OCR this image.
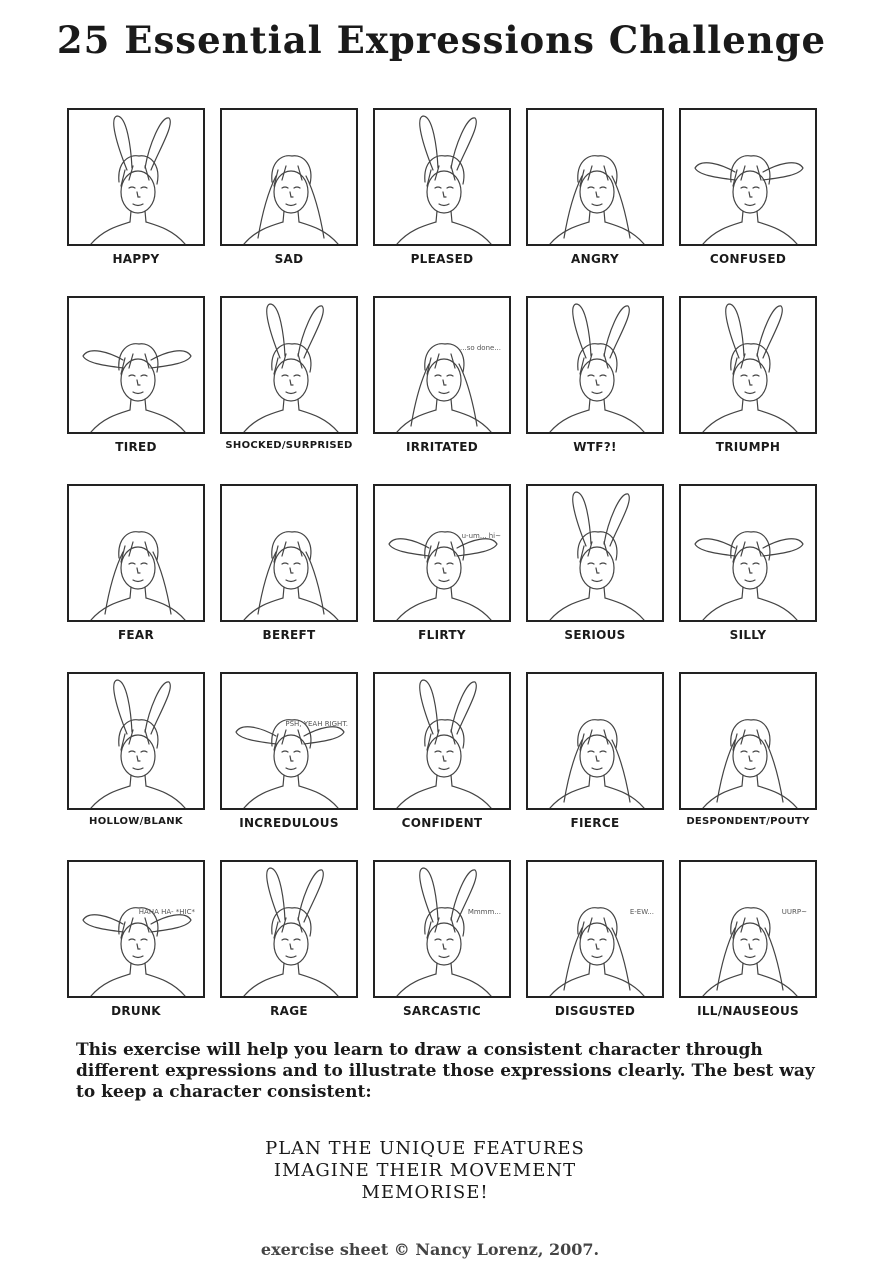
25 Essential Expressions Challenge
HAPPY	SAD	PLEASED	ANGRY	CONFUSED
TIRED	SHOCKED/SURPRISED
...so done...
IRRITATED	WTF?!	TRIUMPH
FEAR	BEREFT
u-um... hi~
FLIRTY	SERIOUS	SILLY
HOLLOW/BLANK
PSH, YEAH RIGHT.
INCREDULOUS	CONFIDENT	FIERCE	DESPONDENT/POUTY
HAHA HA- *HIC*
DRUNK	RAGE
Mmmm...
SARCASTIC
E-EW...
DISGUSTED
UURP~
ILL/NAUSEOUS
This exercise will help you learn to draw a consistent character through different expressions and to illustrate those expressions clearly. The best way to keep a character consistent:
PLAN THE UNIQUE FEATURES
IMAGINE THEIR MOVEMENT
MEMORISE!
exercise sheet © Nancy Lorenz, 2007.
